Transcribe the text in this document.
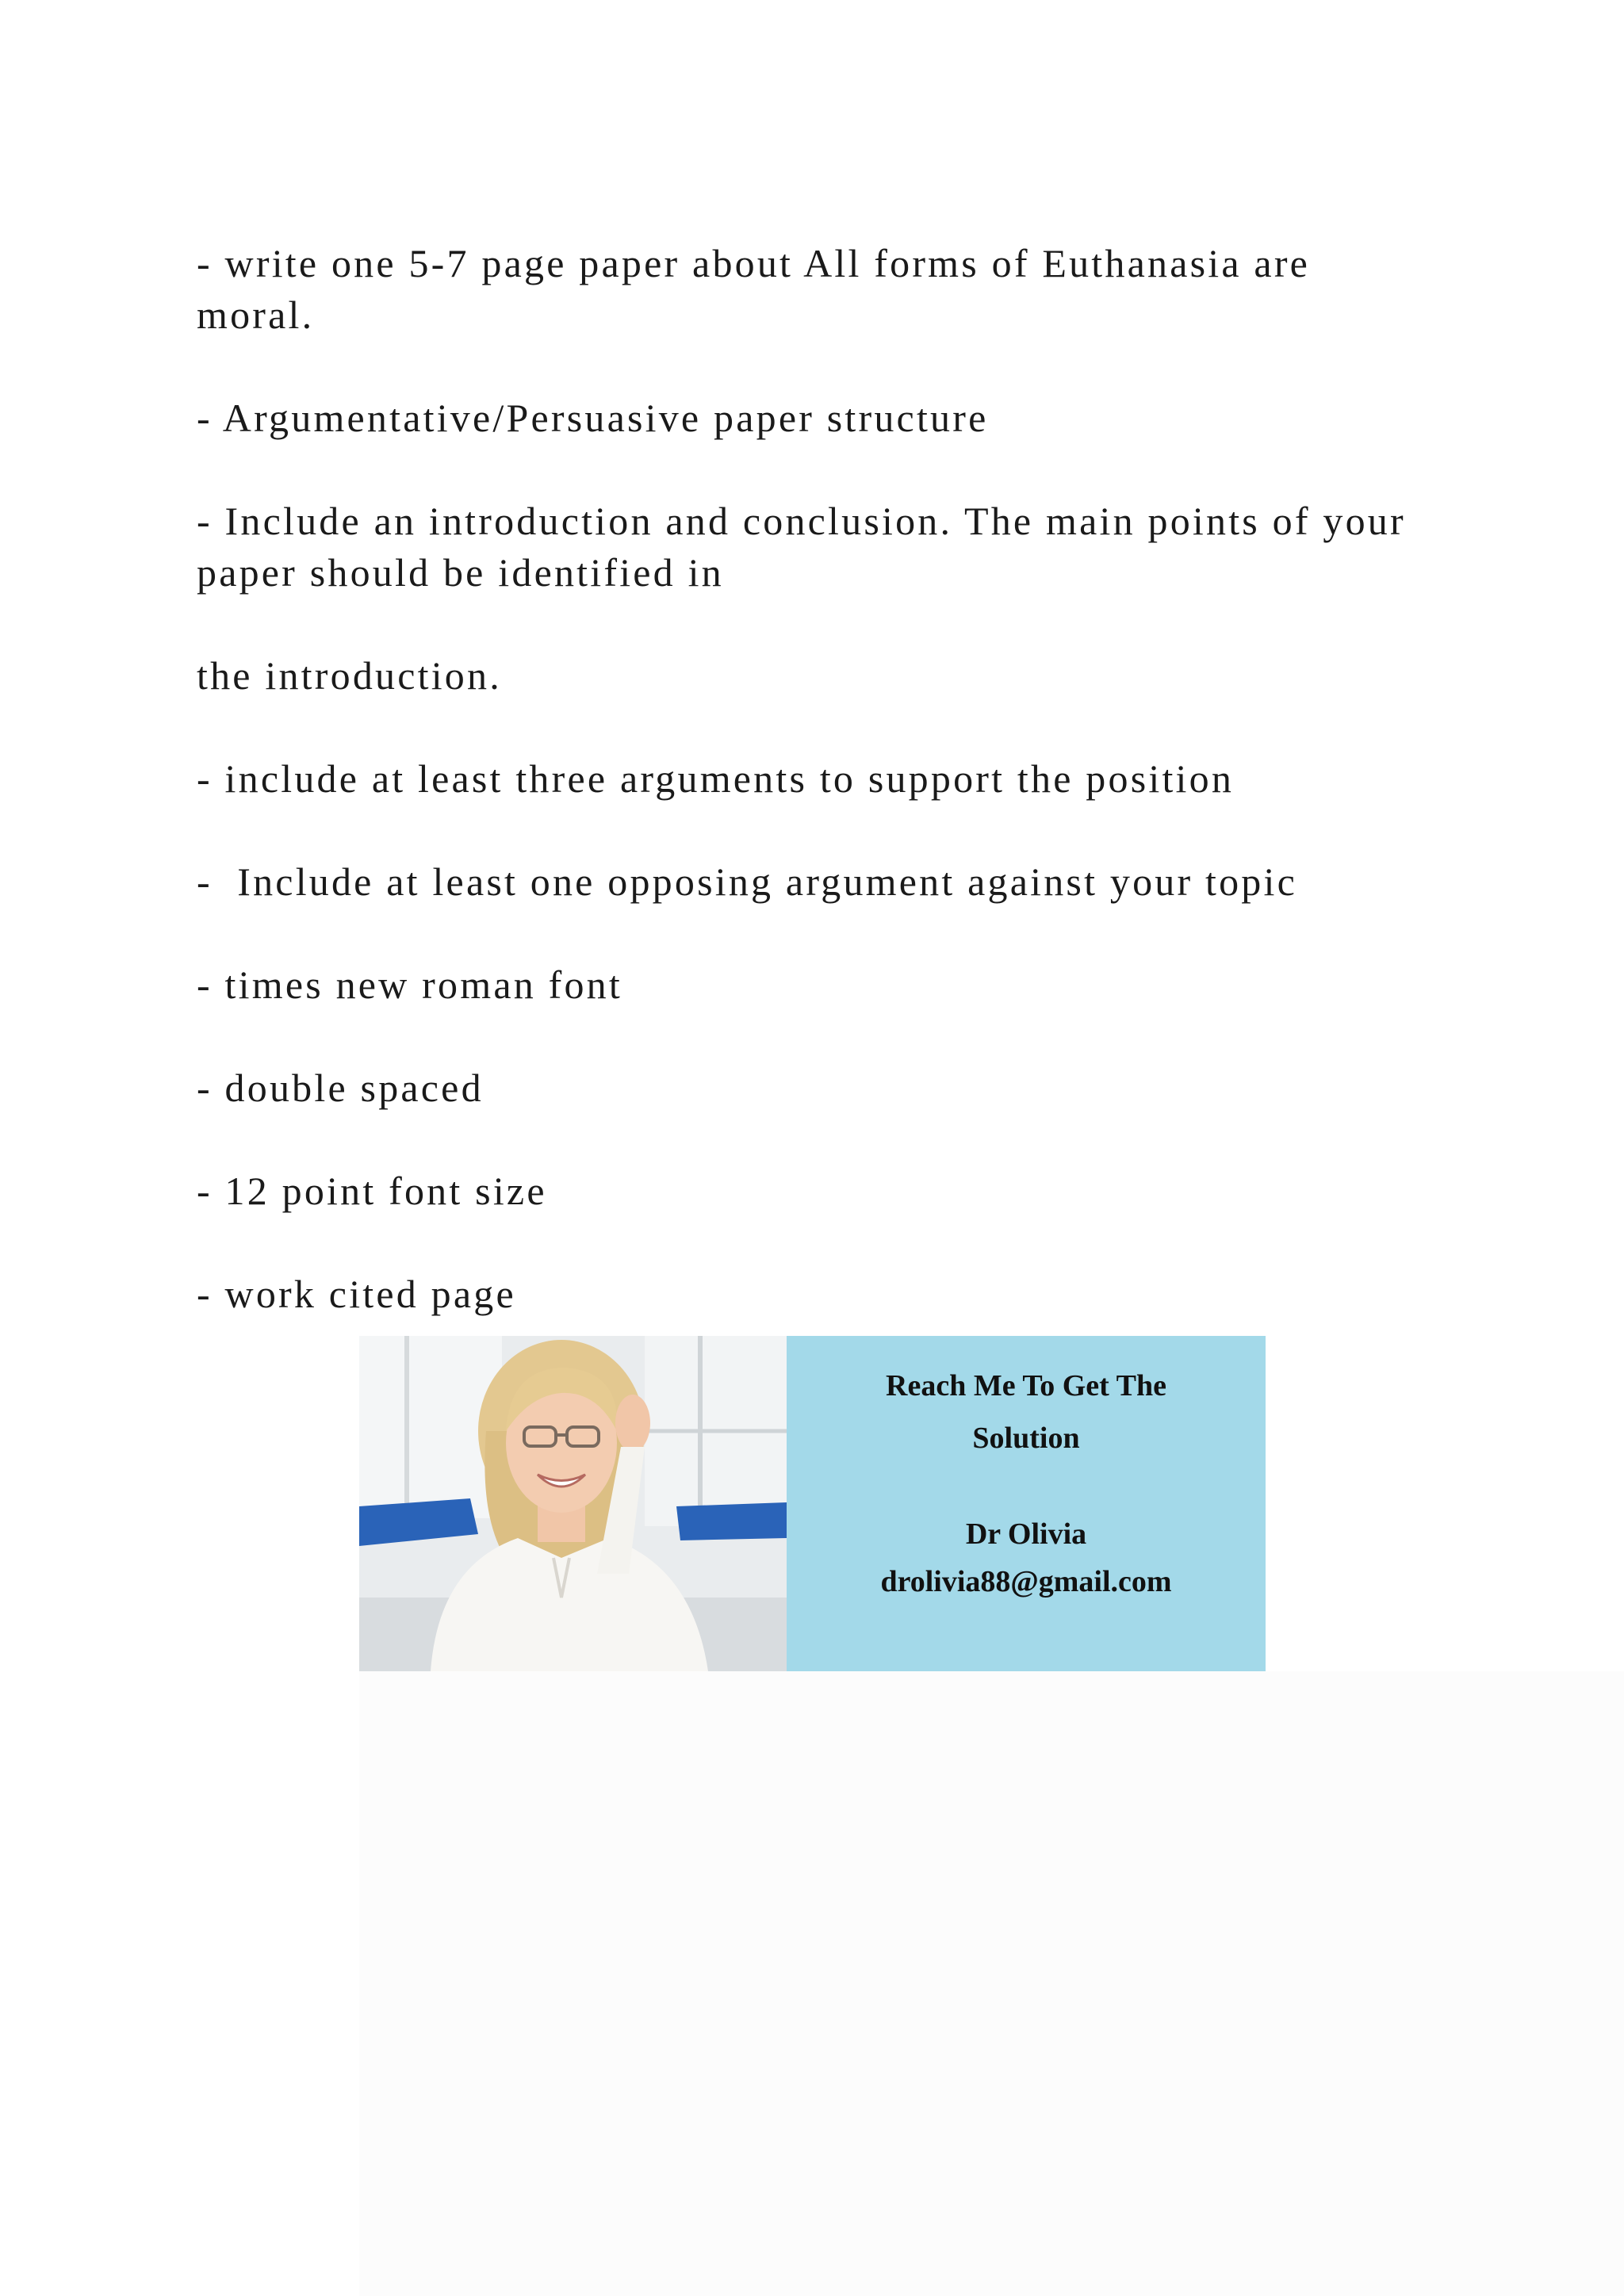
- write one 5-7 page paper about All forms of Euthanasia are moral.

- Argumentative/Persuasive paper structure

- Include an introduction and conclusion. The main points of your paper should be identified in

the introduction.

- include at least three arguments to support the position

-  Include at least one opposing argument against your topic

- times new roman font

- double spaced

- 12 point font size

- work cited page

Reach Me To Get The
Solution
Dr Olivia
drolivia88@gmail.com
